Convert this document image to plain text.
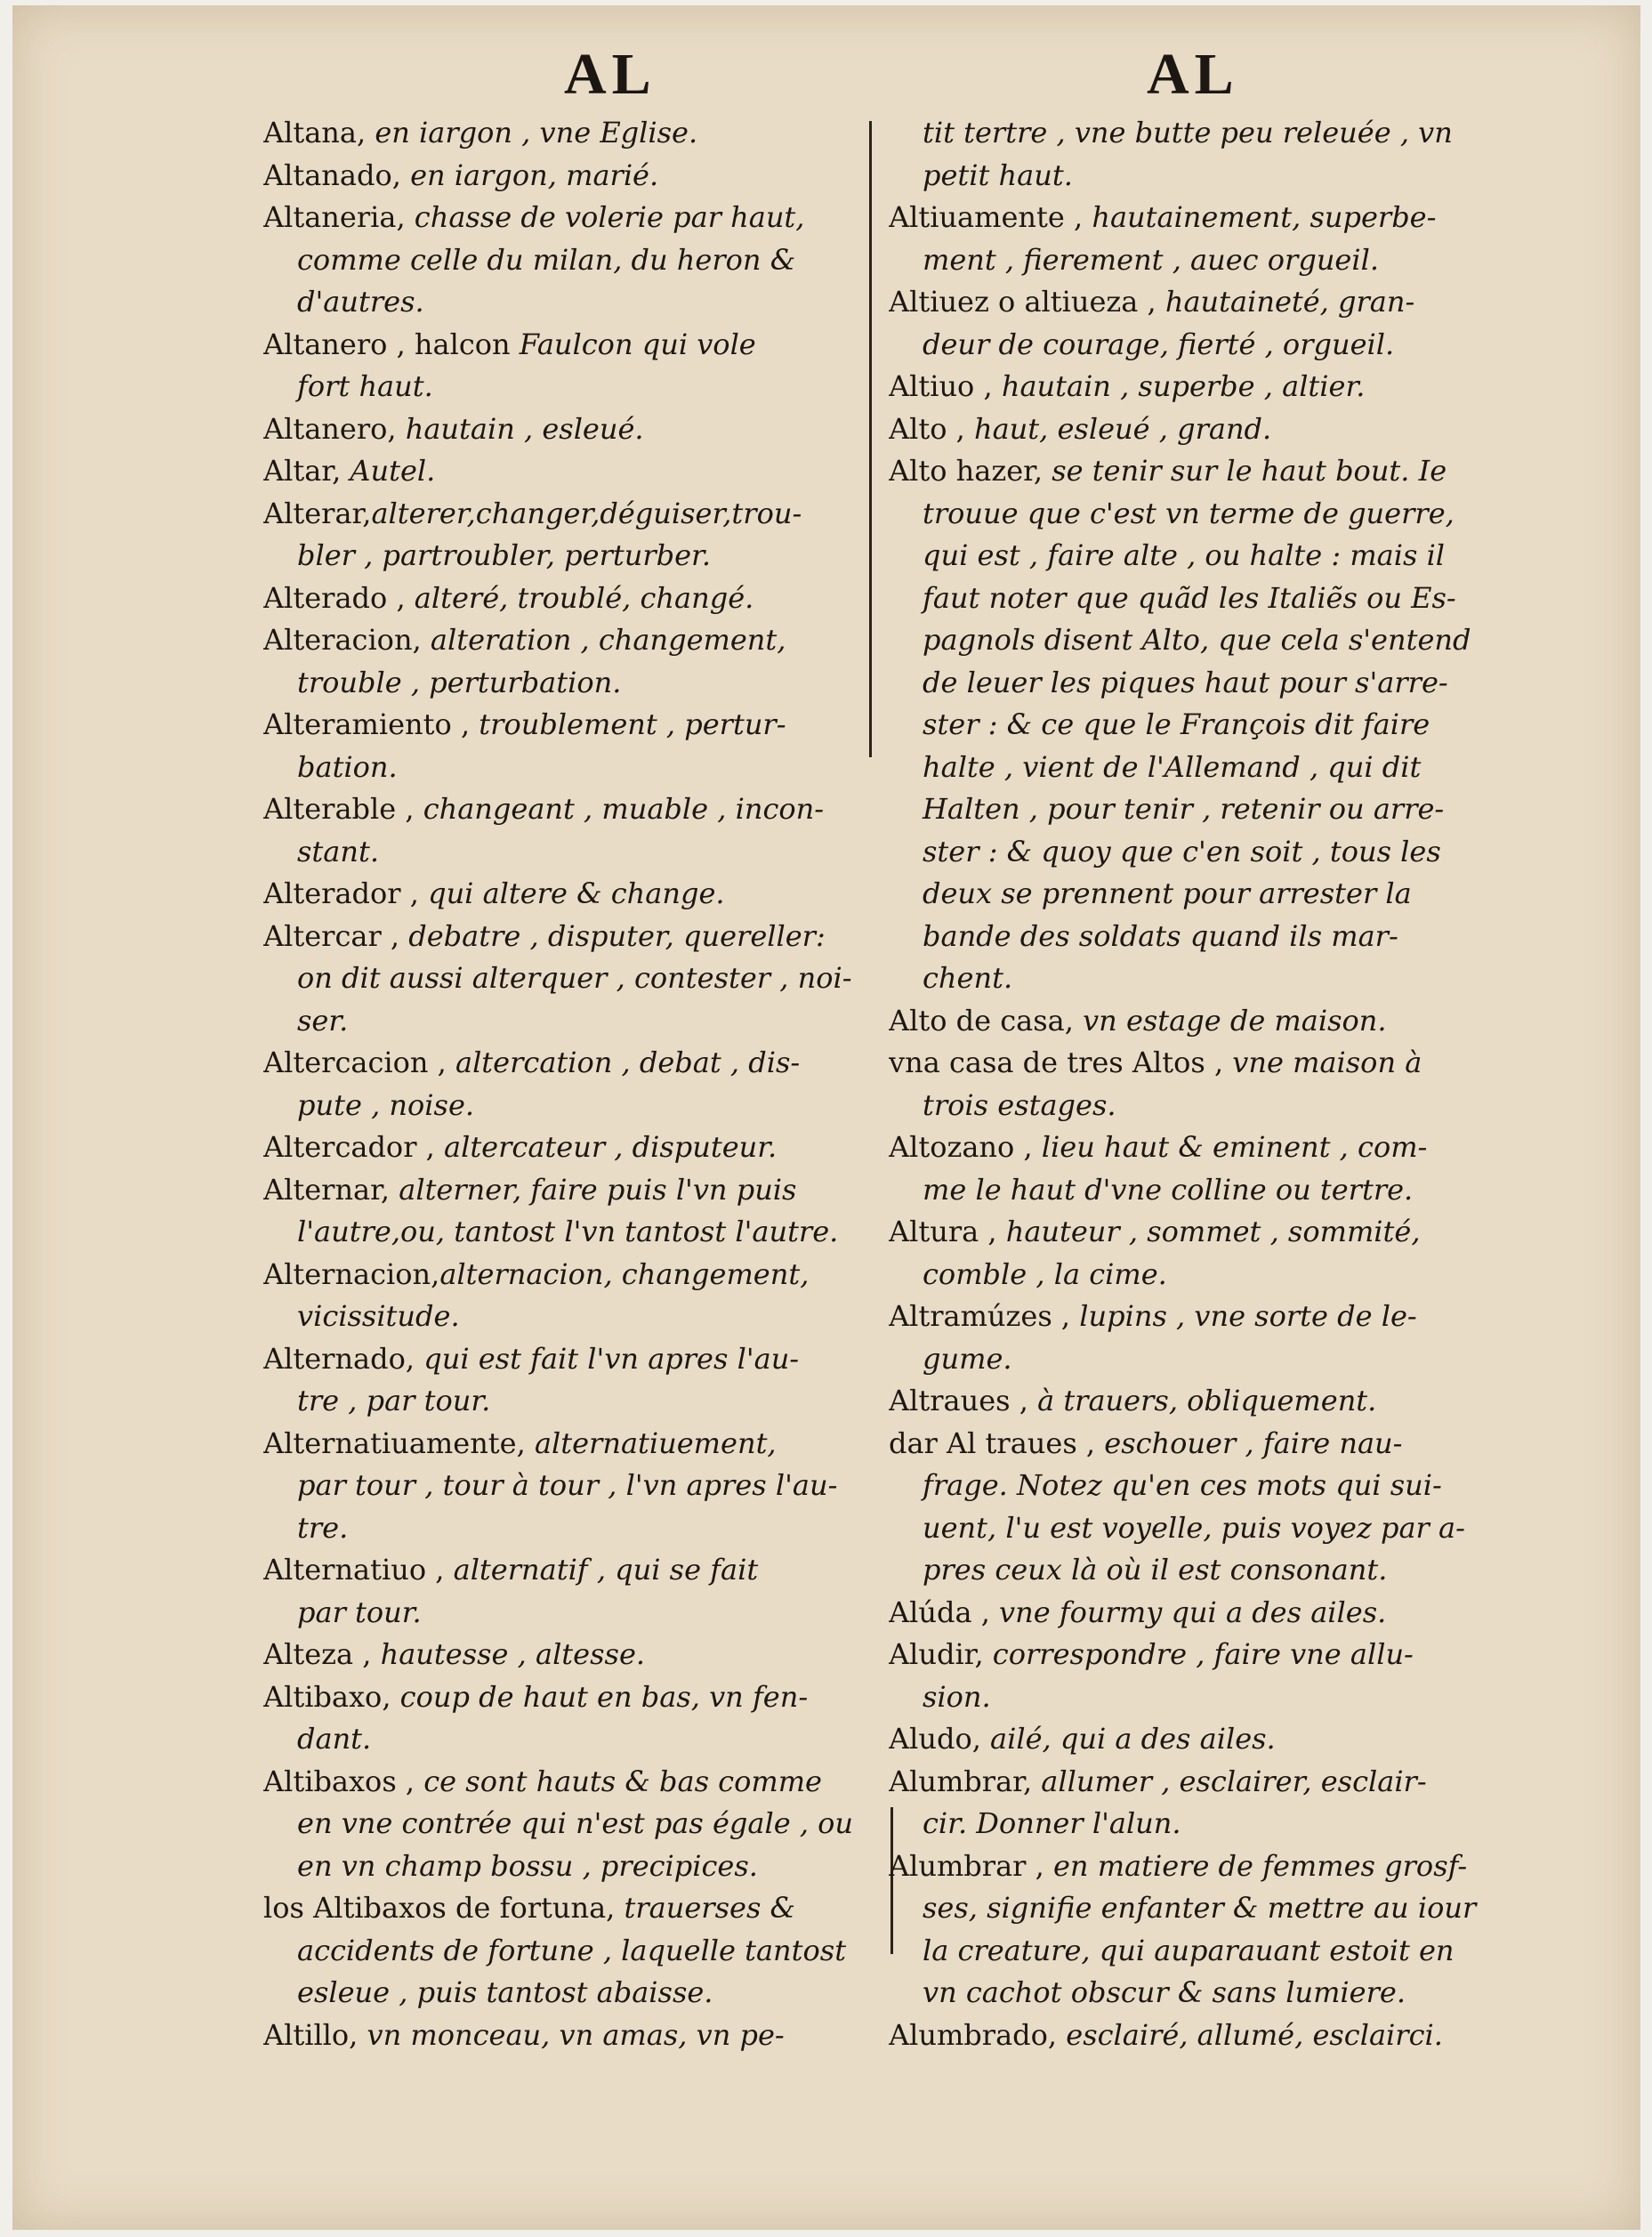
AL	AL
Altana, en iargon , vne Eglise.
Altanado, en iargon, marié.
Altaneria, chasse de volerie par haut,
comme celle du milan, du heron &
d'autres.
Altanero , halcon Faulcon qui vole
fort haut.
Altanero, hautain , esleué.
Altar, Autel.
Alterar,alterer,changer,déguiser,trou-
bler , partroubler, perturber.
Alterado , alteré, troublé, changé.
Alteracion, alteration , changement,
trouble , perturbation.
Alteramiento , troublement , pertur-
bation.
Alterable , changeant , muable , incon-
stant.
Alterador , qui altere & change.
Altercar , debatre , disputer, quereller:
on dit aussi alterquer , contester , noi-
ser.
Altercacion , altercation , debat , dis-
pute , noise.
Altercador , altercateur , disputeur.
Alternar, alterner, faire puis l'vn puis
l'autre,ou, tantost l'vn tantost l'autre.
Alternacion,alternacion, changement,
vicissitude.
Alternado, qui est fait l'vn apres l'au-
tre , par tour.
Alternatiuamente, alternatiuement,
par tour , tour à tour , l'vn apres l'au-
tre.
Alternatiuo , alternatif , qui se fait
par tour.
Alteza , hautesse , altesse.
Altibaxo, coup de haut en bas, vn fen-
dant.
Altibaxos , ce sont hauts & bas comme
en vne contrée qui n'est pas égale , ou
en vn champ bossu , precipices.
los Altibaxos de fortuna, trauerses &
accidents de fortune , laquelle tantost
esleue , puis tantost abaisse.
Altillo, vn monceau, vn amas, vn pe-
tit tertre , vne butte peu releuée , vn
petit haut.
Altiuamente , hautainement, superbe-
ment , fierement , auec orgueil.
Altiuez o altiueza , hautaineté, gran-
deur de courage, fierté , orgueil.
Altiuo , hautain , superbe , altier.
Alto , haut, esleué , grand.
Alto hazer, se tenir sur le haut bout. Ie
trouue que c'est vn terme de guerre,
qui est , faire alte , ou halte : mais il
faut noter que quãd les Italiẽs ou Es-
pagnols disent Alto, que cela s'entend
de leuer les piques haut pour s'arre-
ster : & ce que le François dit faire
halte , vient de l'Allemand , qui dit
Halten , pour tenir , retenir ou arre-
ster : & quoy que c'en soit , tous les
deux se prennent pour arrester la
bande des soldats quand ils mar-
chent.
Alto de casa, vn estage de maison.
vna casa de tres Altos , vne maison à
trois estages.
Altozano , lieu haut & eminent , com-
me le haut d'vne colline ou tertre.
Altura , hauteur , sommet , sommité,
comble , la cime.
Altramúzes , lupins , vne sorte de le-
gume.
Altraues , à trauers, obliquement.
dar Al traues , eschouer , faire nau-
frage. Notez qu'en ces mots qui sui-
uent, l'u est voyelle, puis voyez par a-
pres ceux là où il est consonant.
Alúda , vne fourmy qui a des ailes.
Aludir, correspondre , faire vne allu-
sion.
Aludo, ailé, qui a des ailes.
Alumbrar, allumer , esclairer, esclair-
cir. Donner l'alun.
Alumbrar , en matiere de femmes grosf-
ses, signifie enfanter & mettre au iour
la creature, qui auparauant estoit en
vn cachot obscur & sans lumiere.
Alumbrado, esclairé, allumé, esclairci.
